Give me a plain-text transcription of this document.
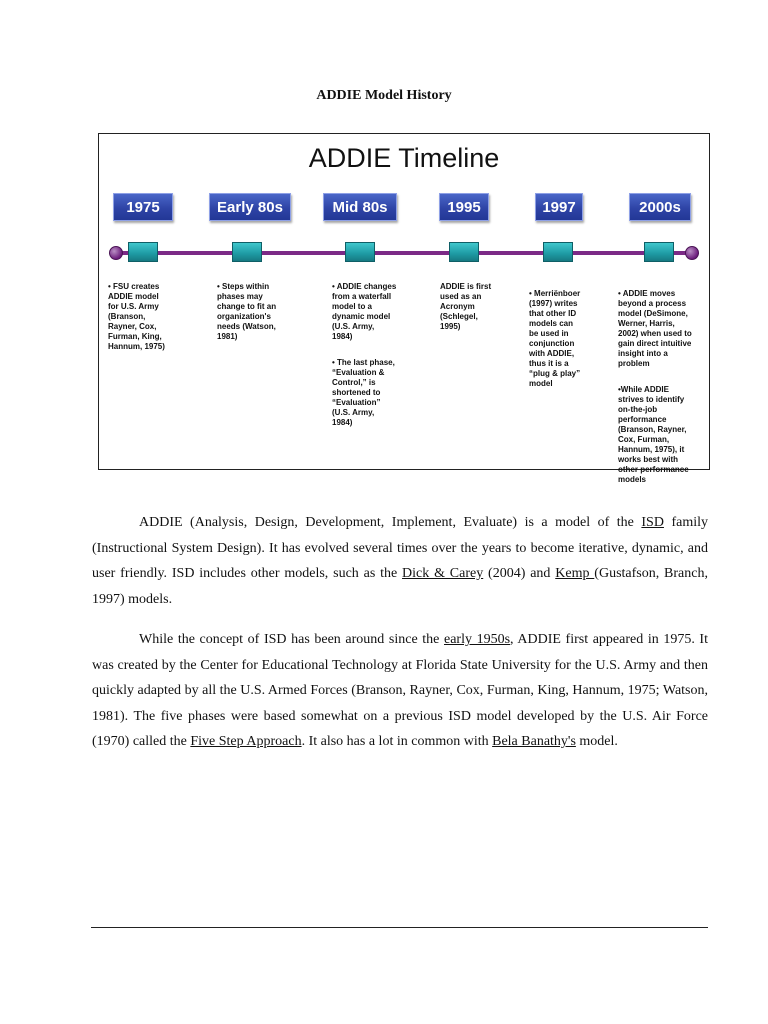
ADDIE Model History
ADDIE Timeline
1975	Early 80s	Mid 80s	1995	1997	2000s

• FSU creates
ADDIE model
for U.S. Army
(Branson,
Rayner, Cox,
Furman, King,
Hannum, 1975)

• Steps within
phases may
change to fit an
organization's
needs (Watson,
1981)

• ADDIE changes
from a waterfall
model to a
dynamic model
(U.S. Army,
1984)

• The last phase,
“Evaluation &
Control,” is
shortened to
“Evaluation”
(U.S. Army,
1984)

ADDIE is first
used as an
Acronym
(Schlegel,
1995)

• Merriënboer
(1997) writes
that other ID
models can
be used in
conjunction
with ADDIE,
thus it is a
“plug & play”
model

• ADDIE moves
beyond a process
model (DeSimone,
Werner, Harris,
2002) when used to
gain direct intuitive
insight into a
problem

•While ADDIE
strives to identify
on-the-job
performance
(Branson, Rayner,
Cox, Furman,
Hannum, 1975), it
works best with
other performance
models

ADDIE (Analysis, Design, Development, Implement, Evaluate) is a model of the ISD family (Instructional System Design). It has evolved several times over the years to become iterative, dynamic, and user friendly. ISD includes other models, such as the Dick & Carey (2004) and Kemp (Gustafson, Branch, 1997) models.
While the concept of ISD has been around since the early 1950s, ADDIE first appeared in 1975. It was created by the Center for Educational Technology at Florida State University for the U.S. Army and then quickly adapted by all the U.S. Armed Forces (Branson, Rayner, Cox, Furman, King, Hannum, 1975; Watson, 1981). The five phases were based somewhat on a previous ISD model developed by the U.S. Air Force (1970) called the Five Step Approach. It also has a lot in common with Bela Banathy's model.
